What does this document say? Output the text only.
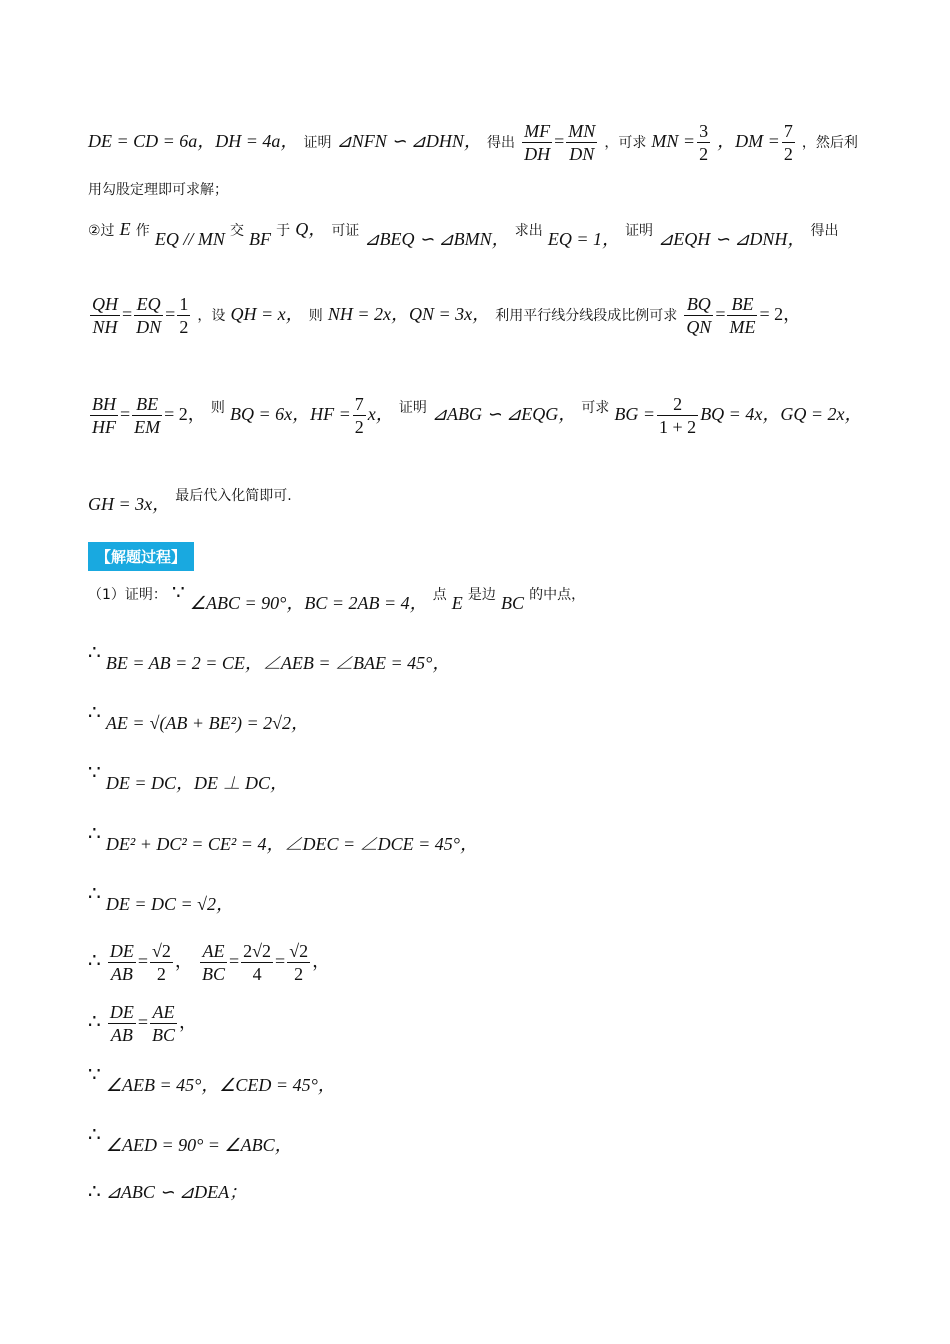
DE = CD = 6a，DH = 4a， 证明 ⊿NFN ∽ ⊿DHN， 得出 $\frac{MF}{DH} = \frac{MN}{DN}$ ，可求 MN = $\frac{3}{2}$ ，DM = $\frac{7}{2}$ ，然后利
用勾股定理即可求解；
②过 E 作 EQ // MN 交 BF 于 Q， 可证 ⊿BEQ ∽ ⊿BMN， 求出 EQ = 1， 证明 ⊿EQH ∽ ⊿DNH， 得出
$\frac{QH}{NH} = \frac{EQ}{DN} = \frac{1}{2}$ ，设 QH = x， 则 NH = 2x，QN = 3x， 利用平行线分线段成比例可求 $\frac{BQ}{QN} = \frac{BE}{ME} = 2$，
$\frac{BH}{HF} = \frac{BE}{EM} = 2$， 则 BQ = 6x，HF = $\frac{7}{2}$ x， 证明 ⊿ABG ∽ ⊿EQG， 可求 BG = $\frac{2}{1 + 2}$ BQ = 4x，GQ = 2x，
GH = 3x， 最后代入化简即可.
【解题过程】
（1）证明： ∵ ∠ABC = 90°，BC = 2AB = 4， 点 E 是边 BC 的中点，
∴ BE = AB = 2 = CE，∠AEB = ∠BAE = 45°，
∴ AE = √(AB + BE²) = 2√2，
∵ DE = DC，DE ⊥ DC，
∴ DE² + DC² = CE² = 4，∠DEC = ∠DCE = 45°，
∴ DE = DC = √2，
∴ $\frac{DE}{AB} = \frac{√2}{2}$ ， $\frac{AE}{BC} = \frac{2√2}{4} = \frac{√2}{2}$ ，
∴ $\frac{DE}{AB} = \frac{AE}{BC}$ ，
∵ ∠AEB = 45°，∠CED = 45°，
∴ ∠AED = 90° = ∠ABC，
∴ ⊿ABC ∽ ⊿DEA；
